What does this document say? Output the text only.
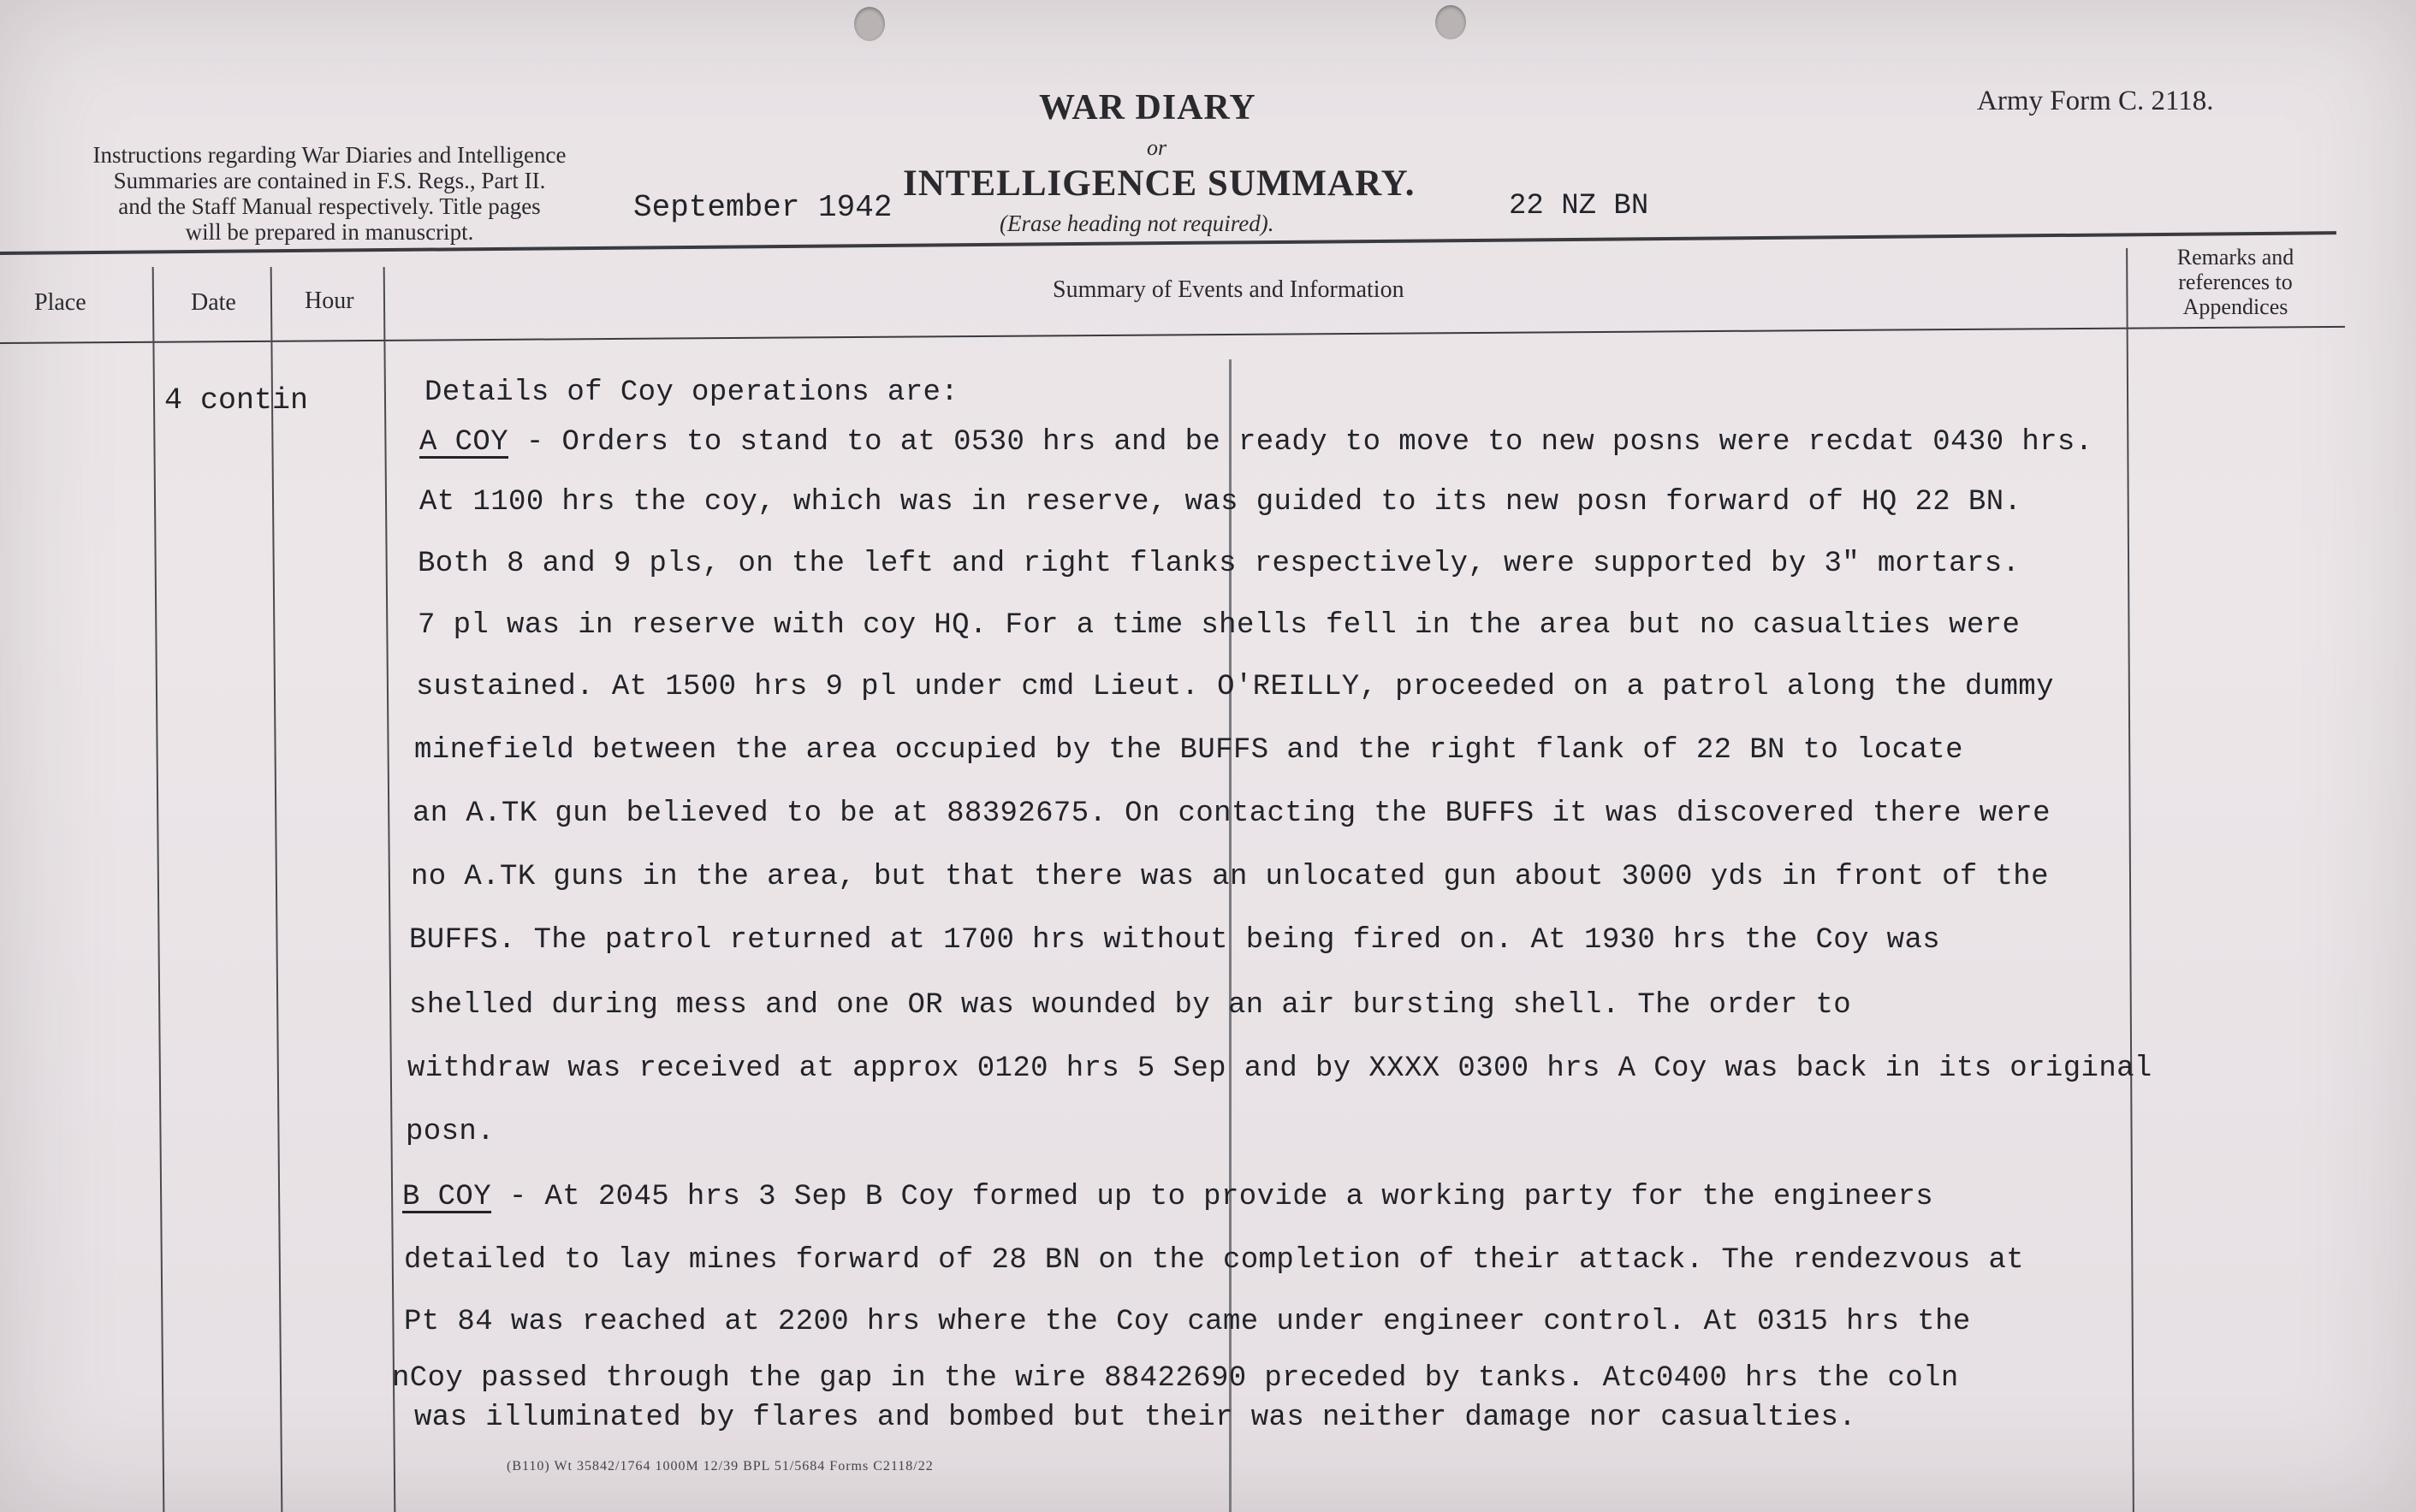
Instructions regarding War Diaries and Intelligence
Summaries are contained in F.S. Regs., Part II.
and the Staff Manual respectively. Title pages
will be prepared in manuscript.
WAR DIARY
or
INTELLIGENCE SUMMARY.
(Erase heading not required).
Army Form C. 2118.
September 1942	22 NZ BN
Place	Date	Hour	Summary of Events and Information
Remarks and
references to
Appendices
4 contin	Details of Coy operations are:
A COY - Orders to stand to at 0530 hrs and be ready to move to new posns were recdat 0430 hrs.
At 1100 hrs the coy, which was in reserve, was guided to its new posn forward of HQ 22 BN.
Both 8 and 9 pls, on the left and right flanks respectively, were supported by 3" mortars.
7 pl was in reserve with coy HQ. For a time shells fell in the area but no casualties were
sustained. At 1500 hrs 9 pl under cmd Lieut. O'REILLY, proceeded on a patrol along the dummy
minefield between the area occupied by the BUFFS and the right flank of 22 BN to locate
an A.TK gun believed to be at 88392675. On contacting the BUFFS it was discovered there were
no A.TK guns in the area, but that there was an unlocated gun about 3000 yds in front of the
BUFFS. The patrol returned at 1700 hrs without being fired on. At 1930 hrs the Coy was
shelled during mess and one OR was wounded by an air bursting shell. The order to
withdraw was received at approx 0120 hrs 5 Sep and by XXXX 0300 hrs A Coy was back in its original
posn.
B COY - At 2045 hrs 3 Sep B Coy formed up to provide a working party for the engineers
detailed to lay mines forward of 28 BN on the completion of their attack. The rendezvous at
Pt 84 was reached at 2200 hrs where the Coy came under engineer control. At 0315 hrs the
nCoy passed through the gap in the wire 88422690 preceded by tanks. Atc0400 hrs the coln
was illuminated by flares and bombed but their was neither damage nor casualties.
(B110) Wt 35842/1764 1000M 12/39 BPL 51/5684 Forms C2118/22
